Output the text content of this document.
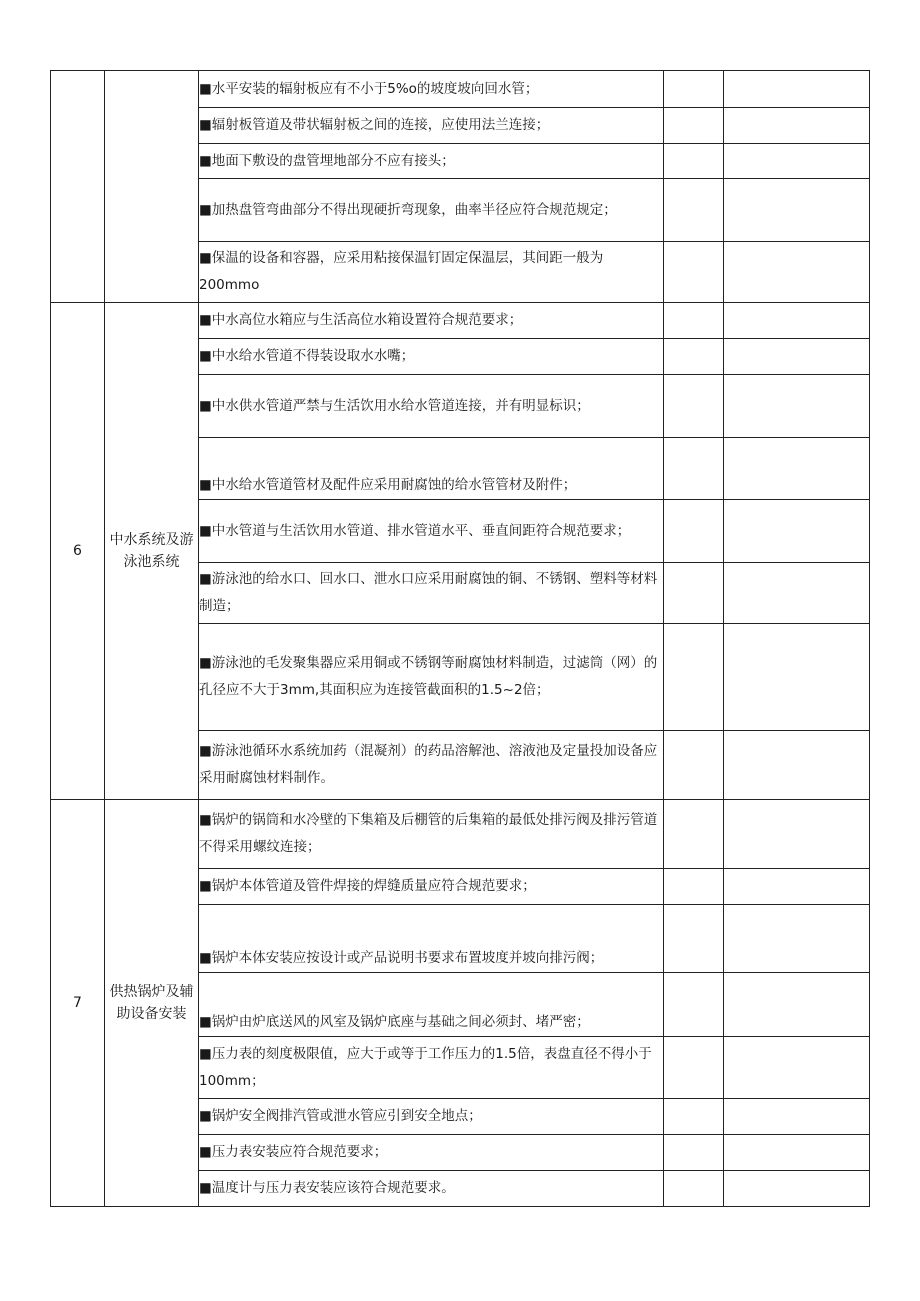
		■水平安装的辐射板应有不小于5%o的坡度坡向回水管；		
		■辐射板管道及带状辐射板之间的连接，应使用法兰连接；		
		■地面下敷设的盘管埋地部分不应有接头；		
		■加热盘管弯曲部分不得出现硬折弯现象，曲率半径应符合规范规定；		
		■保温的设备和容器，应采用粘接保温钉固定保温层，其间距一般为200mmo		
6	中水系统及游泳池系统	■中水高位水箱应与生活高位水箱设置符合规范要求；		
		■中水给水管道不得装设取水水嘴；		
		■中水供水管道严禁与生活饮用水给水管道连接，并有明显标识；		
		■中水给水管道管材及配件应采用耐腐蚀的给水管管材及附件；		
		■中水管道与生活饮用水管道、排水管道水平、垂直间距符合规范要求；		
		■游泳池的给水口、回水口、泄水口应采用耐腐蚀的铜、不锈钢、塑料等材料制造；		
		■游泳池的毛发聚集器应采用铜或不锈钢等耐腐蚀材料制造，过滤筒（网）的孔径应不大于3mm,其面积应为连接管截面积的1.5~2倍；		
		■游泳池循环水系统加药（混凝剂）的药品溶解池、溶液池及定量投加设备应采用耐腐蚀材料制作。		
7	供热锅炉及辅助设备安装	■锅炉的锅筒和水冷壁的下集箱及后棚管的后集箱的最低处排污阀及排污管道不得采用螺纹连接；		
		■锅炉本体管道及管件焊接的焊缝质量应符合规范要求；		
		■锅炉本体安装应按设计或产品说明书要求布置坡度并坡向排污阀；		
		■锅炉由炉底送风的风室及锅炉底座与基础之间必须封、堵严密；		
		■压力表的刻度极限值，应大于或等于工作压力的1.5倍，表盘直径不得小于100mm；		
		■锅炉安全阀排汽管或泄水管应引到安全地点；		
		■压力表安装应符合规范要求；		
		■温度计与压力表安装应该符合规范要求。		
